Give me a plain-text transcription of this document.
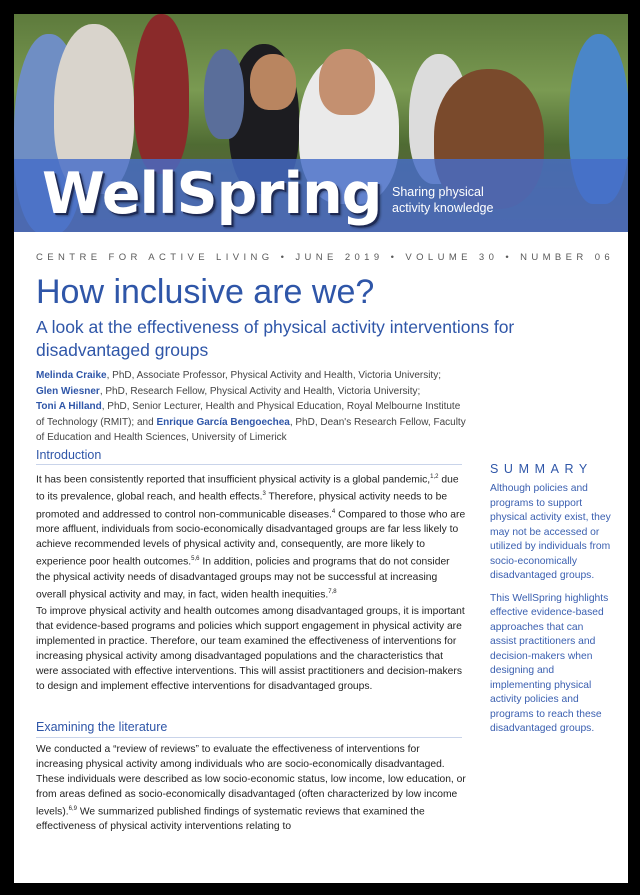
WellSpring Sharing physical
activity knowledge
CENTRE FOR ACTIVE LIVING • JUNE 2019 • VOLUME 30 • NUMBER 06
How inclusive are we?
A look at the effectiveness of physical activity interventions for disadvantaged groups
Melinda Craike, PhD, Associate Professor, Physical Activity and Health, Victoria University;
Glen Wiesner, PhD, Research Fellow, Physical Activity and Health, Victoria University;
Toni A Hilland, PhD, Senior Lecturer, Health and Physical Education, Royal Melbourne Institute of Technology (RMIT); and Enrique García Bengoechea, PhD, Dean's Research Fellow, Faculty of Education and Health Sciences, University of Limerick
Introduction

It has been consistently reported that insufficient physical activity is a global pandemic,$^{1,2}$ due to its prevalence, global reach, and health effects.$^3$ Therefore, physical activity needs to be promoted and addressed to control non-communicable diseases.$^4$ Compared to those who are more affluent, individuals from socio-economically disadvantaged groups are far less likely to achieve recommended levels of physical activity and, consequently, are more likely to experience poor health outcomes.$^{5,6}$ In addition, policies and programs that do not consider the physical activity needs of disadvantaged groups may not be successful at increasing overall physical activity and may, in fact, widen health inequities.$^{7,8}$

To improve physical activity and health outcomes among disadvantaged groups, it is important that evidence-based programs and policies which support engagement in physical activity are implemented in practice. Therefore, our team examined the effectiveness of interventions for increasing physical activity among disadvantaged populations and the characteristics that were associated with effective interventions. This will assist practitioners and decision-makers to design and implement effective interventions for disadvantaged groups.

Examining the literature

We conducted a “review of reviews” to evaluate the effectiveness of interventions for increasing physical activity among individuals who are socio-economically disadvantaged. These individuals were described as low socio-economic status, low income, low education, or from areas defined as socio-economically disadvantaged (often characterized by low income levels).$^{6,9}$ We summarized published findings of systematic reviews that examined the effectiveness of physical activity interventions relating to

SUMMARY

Although policies and programs to support physical activity exist, they may not be accessed or utilized by individuals from socio-economically disadvantaged groups.

This WellSpring highlights effective evidence-based approaches that can assist practitioners and decision-makers when designing and implementing physical activity policies and programs to reach these disadvantaged groups.
